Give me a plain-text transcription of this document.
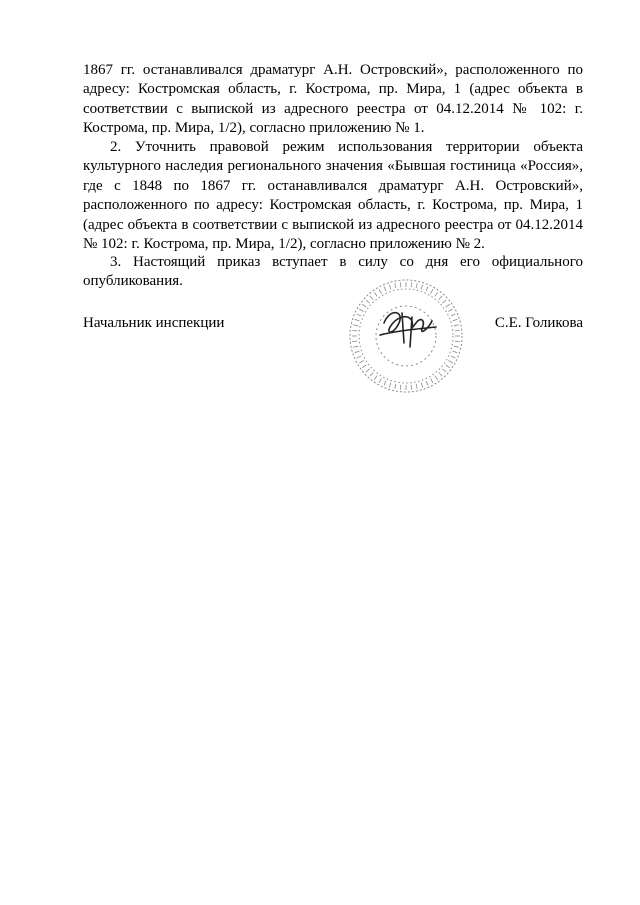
1867 гг. останавливался драматург А.Н. Островский», расположенного по адресу: Костромская область, г. Кострома, пр. Мира, 1 (адрес объекта в соответствии с выпиской из адресного реестра от 04.12.2014 № 102: г. Кострома, пр. Мира, 1/2), согласно приложению № 1.
2. Уточнить правовой режим использования территории объекта культурного наследия регионального значения «Бывшая гостиница «Россия», где с 1848 по 1867 гг. останавливался драматург А.Н. Островский», расположенного по адресу: Костромская область, г. Кострома, пр. Мира, 1 (адрес объекта в соответствии с выпиской из адресного реестра от 04.12.2014 № 102: г. Кострома, пр. Мира, 1/2), согласно приложению № 2.
3. Настоящий приказ вступает в силу со дня его официального опубликования.
Начальник инспекции	С.Е. Голикова
